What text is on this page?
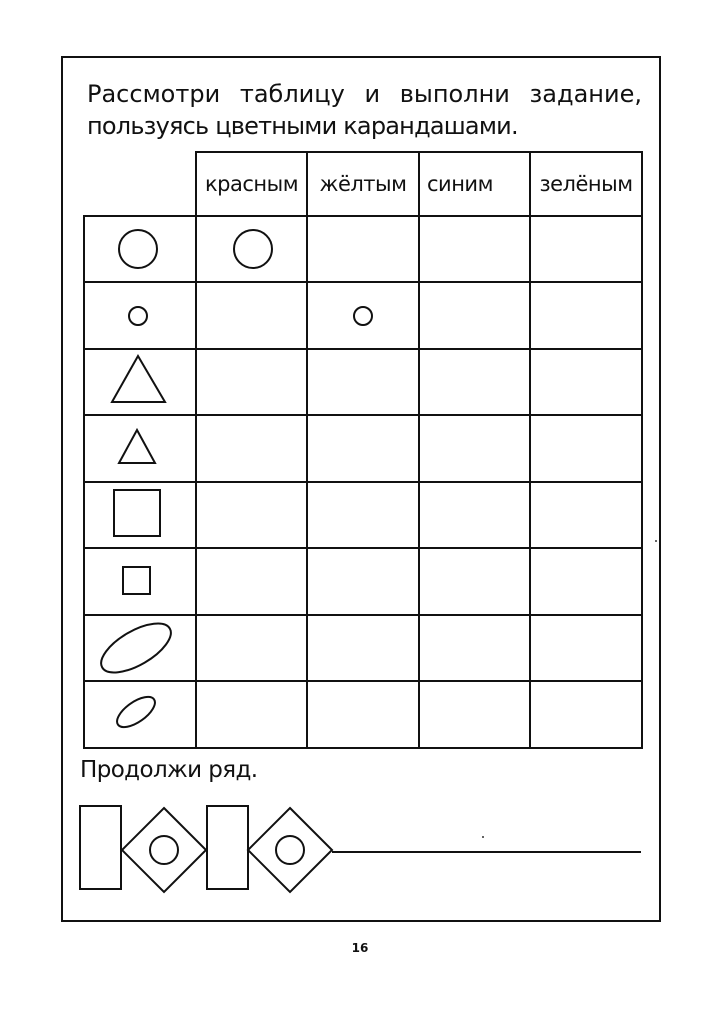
Рассмотри таблицу и выполни задание,
пользуясь цветными карандашами.
красным	жёлтым синим	зелёным
Продолжи ряд.
16
